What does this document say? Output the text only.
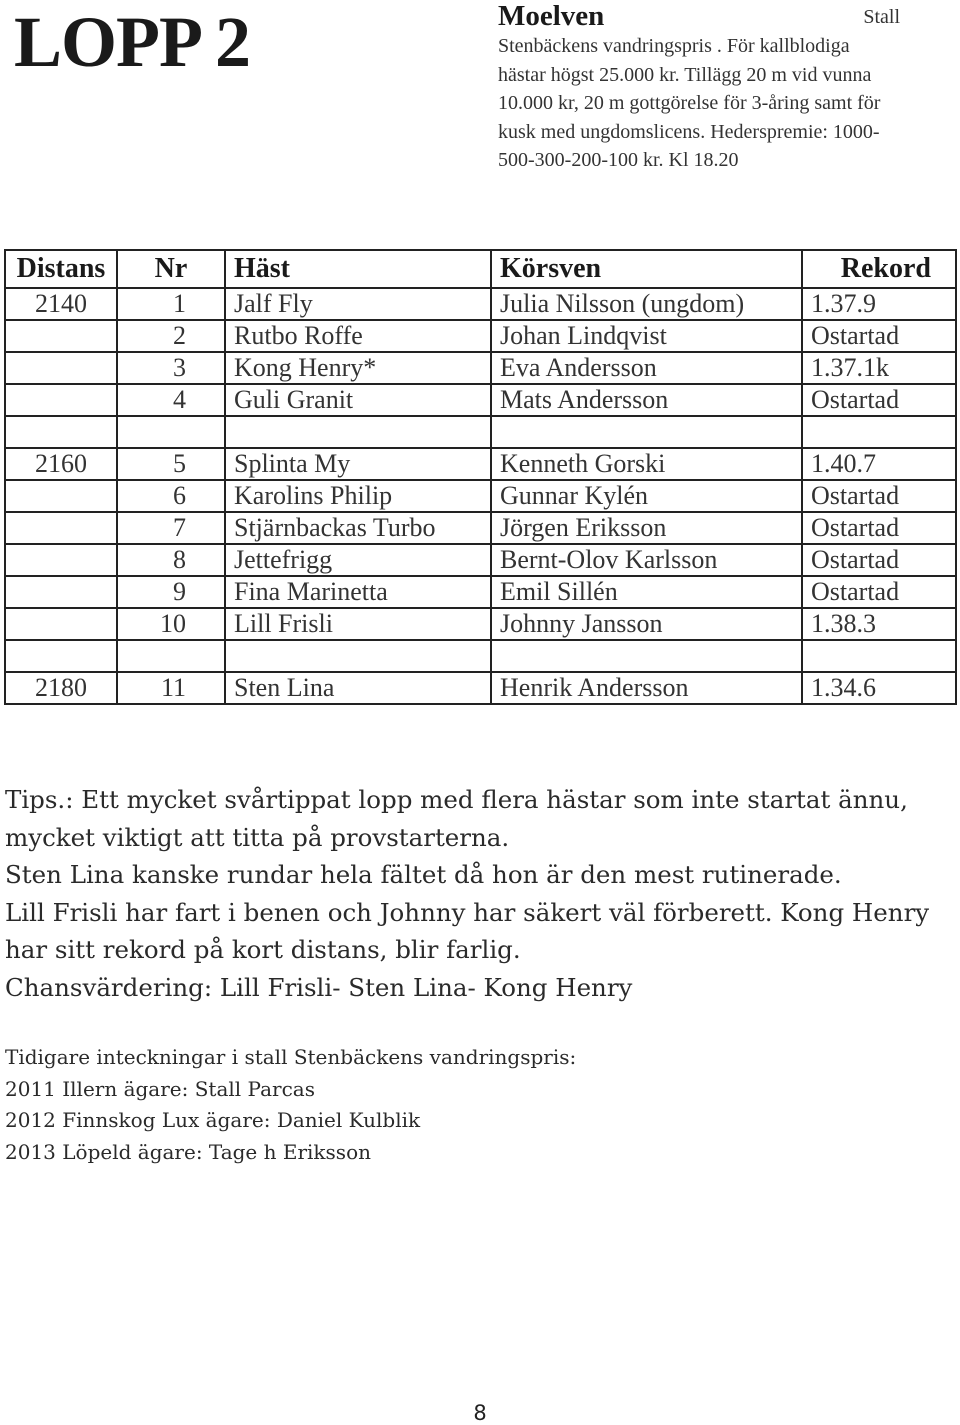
LOPP 2	Moelven	Stall

Stenbäckens vandringspris . För kallblodiga
hästar högst 25.000 kr. Tillägg 20 m vid vunna
10.000 kr, 20 m gottgörelse för 3-åring samt för
kusk med ungdomslicens. Hederspremie: 1000-
500-300-200-100 kr. Kl 18.20

Distans	Nr	Häst	Körsven	Rekord
2140	1	Jalf Fly	Julia Nilsson (ungdom)	1.37.9
	2	Rutbo Roffe	Johan Lindqvist	Ostartad
	3	Kong Henry*	Eva Andersson	1.37.1k
	4	Guli Granit	Mats Andersson	Ostartad

2160	5	Splinta My	Kenneth Gorski	1.40.7
	6	Karolins Philip	Gunnar Kylén	Ostartad
	7	Stjärnbackas Turbo	Jörgen Eriksson	Ostartad
	8	Jettefrigg	Bernt-Olov Karlsson	Ostartad
	9	Fina Marinetta	Emil Sillén	Ostartad
	10	Lill Frisli	Johnny Jansson	1.38.3

2180	11	Sten Lina	Henrik Andersson	1.34.6

Tips.: Ett mycket svårtippat lopp med flera hästar som inte startat ännu,

mycket viktigt att titta på provstarterna.

Sten Lina kanske rundar hela fältet då hon är den mest rutinerade.

Lill Frisli har fart i benen och Johnny har säkert väl förberett. Kong Henry

har sitt rekord på kort distans, blir farlig.

Chansvärdering: Lill Frisli- Sten Lina- Kong Henry

Tidigare inteckningar i stall Stenbäckens vandringspris:

2011 Illern ägare: Stall Parcas

2012 Finnskog Lux ägare: Daniel Kulblik

2013 Löpeld ägare: Tage h Eriksson

8
